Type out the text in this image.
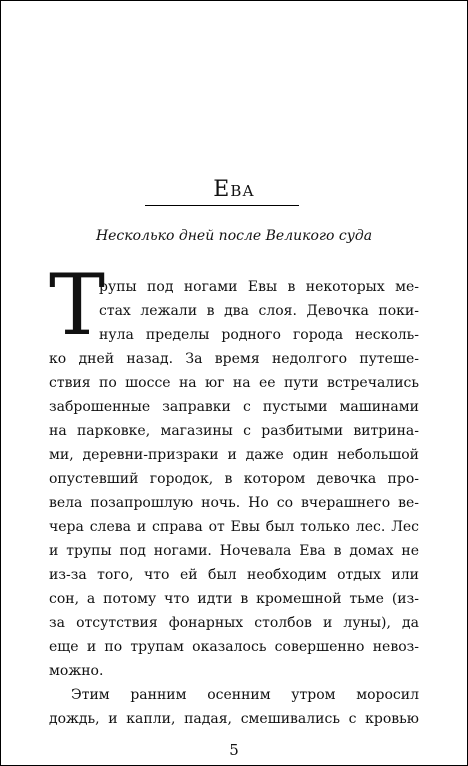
Ева
Несколько дней после Великого суда
Т
рупы под ногами Евы в некоторых ме-
стах лежали в два слоя. Девочка поки-
нула пределы родного города несколь-
ко дней назад. За время недолгого путеше-
ствия по шоссе на юг на ее пути встречались
заброшенные заправки с пустыми машинами
на парковке, магазины с разбитыми витрина-
ми, деревни-призраки и даже один небольшой
опустевший городок, в котором девочка про-
вела позапрошлую ночь. Но со вчерашнего ве-
чера слева и справа от Евы был только лес. Лес
и трупы под ногами. Ночевала Ева в домах не
из-за того, что ей был необходим отдых или
сон, а потому что идти в кромешной тьме (из-
за отсутствия фонарных столбов и луны), да
еще и по трупам оказалось совершенно невоз-
можно.
Этим ранним осенним утром моросил
дождь, и капли, падая, смешивались с кровью
5
